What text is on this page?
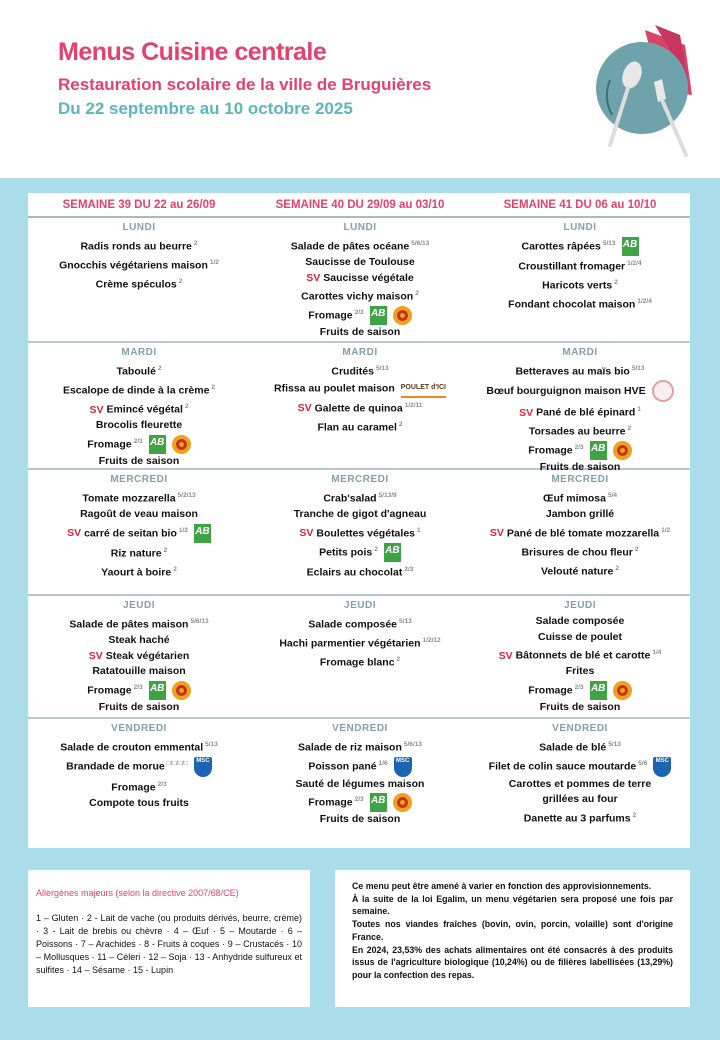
Menus Cuisine centrale
Restauration scolaire de la ville de Bruguières
Du 22 septembre au 10 octobre 2025
SEMAINE 39 DU 22 au 26/09	SEMAINE 40 DU 29/09 au 03/10	SEMAINE 41 DU 06 au 10/10
LUNDI
Radis ronds au beurre $^2$
Gnocchis végétariens maison $^{1/2}$
Crème spéculos $^2$
MARDI
Taboulé $^2$
Escalope de dinde à la crème $^2$
SV Emincé végétal $^2$
Brocolis fleurette
Fromage $^{2/3}$ AB
Fruits de saison
MERCREDI
Tomate mozzarella $^{5/2/13}$
Ragoût de veau maison
SV carré de seitan bio $^{1/2}$ AB
Riz nature $^2$
Yaourt à boire $^2$
JEUDI
Salade de pâtes maison $^{5/6/13}$
Steak haché
SV Steak végétarien
Ratatouille maison
Fromage $^{2/3}$ AB
Fruits de saison
VENDREDI
Salade de crouton emmental $^{5/13}$
Brandade de morue □/□/□/□ MSC
Fromage $^{2/3}$
Compote tous fruits
LUNDI
Salade de pâtes océane $^{5/6/13}$
Saucisse de Toulouse
SV Saucisse végétale
Carottes vichy maison $^2$
Fromage $^{2/3}$ AB
Fruits de saison
MARDI
Crudités $^{5/13}$
Rfissa au poulet maison POULET d'ICI
SV Galette de quinoa $^{1/2/11}$
Flan au caramel $^2$
MERCREDI
Crab'salad $^{5/13/9}$
Tranche de gigot d'agneau
SV Boulettes végétales $^1$
Petits pois $^2$ AB
Eclairs au chocolat $^{2/3}$
JEUDI
Salade composée $^{5/13}$
Hachi parmentier végétarien $^{1/2/12}$
Fromage blanc $^2$
VENDREDI
Salade de riz maison $^{5/6/13}$
Poisson pané $^{1/6}$ MSC
Sauté de légumes maison
Fromage $^{2/3}$ AB
Fruits de saison
LUNDI
Carottes râpées $^{5/13}$ AB
Croustillant fromager $^{1/2/4}$
Haricots verts $^2$
Fondant chocolat maison $^{1/2/4}$
MARDI
Betteraves au maïs bio $^{5/13}$
Bœuf bourguignon maison HVE
SV Pané de blé épinard $^1$
Torsades au beurre $^2$
Fromage $^{2/3}$ AB
Fruits de saison
MERCREDI
Œuf mimosa $^{5/4}$
Jambon grillé
SV Pané de blé tomate mozzarella $^{1/2}$
Brisures de chou fleur $^2$
Velouté nature $^2$
JEUDI
Salade composée
Cuisse de poulet
SV Bâtonnets de blé et carotte $^{1/4}$
Frites
Fromage $^{2/3}$ AB
Fruits de saison
VENDREDI
Salade de blé $^{5/13}$
Filet de colin sauce moutarde $^{5/6}$ MSC
Carottes et pommes de terre
grillées au four
Danette au 3 parfums $^2$
Allergènes majeurs (selon la directive 2007/68/CE)
1 – Gluten · 2 - Lait de vache (ou produits dérivés, beurre, crème) · 3 - Lait de brebis ou chèvre · 4 – Œuf · 5 – Moutarde · 6 – Poissons · 7 – Arachides · 8 - Fruits à coques · 9 – Crustacés · 10 – Mollusques · 11 – Céleri · 12 – Soja · 13 - Anhydride sulfureux et sulfites · 14 – Sésame · 15 - Lupin
Ce menu peut être amené à varier en fonction des approvisionnements.
À la suite de la loi Egalim, un menu végétarien sera proposé une fois par semaine.
Toutes nos viandes fraîches (bovin, ovin, porcin, volaille) sont d'origine France.
En 2024, 23,53% des achats alimentaires ont été consacrés à des produits issus de l'agriculture biologique (10,24%) ou de filières labellisées (13,29%) pour la confection des repas.
